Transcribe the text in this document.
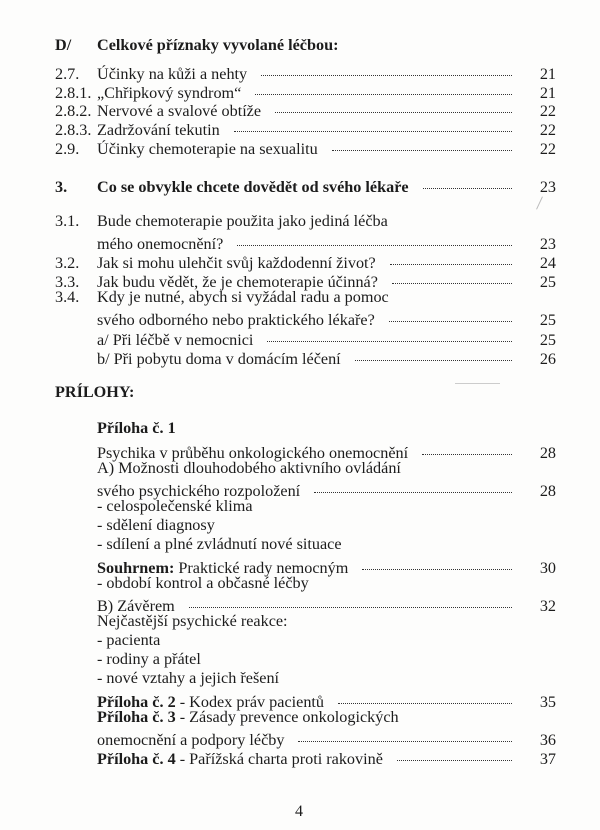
D/	Celkové příznaky vyvolané léčbou:
2.7.	Účinky na kůži a nehty	21
2.8.1. „Chřipkový syndrom“	21
2.8.2. Nervové a svalové obtíže	22
2.8.3. Zadržování tekutin	22
2.9.	Účinky chemoterapie na sexualitu	22
3.	Co se obvykle chcete dovědět od svého lékaře	23
3.1.	Bude chemoterapie použita jako jediná léčba
mého onemocnění?	23
3.2.	Jak si mohu ulehčit svůj každodenní život?	24
3.3.	Jak budu vědět, že je chemoterapie účinná?	25
3.4.	Kdy je nutné, abych si vyžádal radu a pomoc
svého odborného nebo praktického lékaře?	25
a/ Při léčbě v nemocnici	25
b/ Při pobytu doma v domácím léčení	26
Příloha č. 1
Psychika v průběhu onkologického onemocnění	28
A) Možnosti dlouhodobého aktivního ovládání
svého psychického rozpoložení	28
- celospolečenské klima
- sdělení diagnosy
- sdílení a plné zvládnutí nové situace
Souhrnem: Praktické rady nemocným	30
- období kontrol a občasné léčby
B) Závěrem	32
Nejčastější psychické reakce:
- pacienta
- rodiny a přátel
- nové vztahy a jejich řešení
Příloha č. 2 - Kodex práv pacientů	35
Příloha č. 3 - Zásady prevence onkologických
onemocnění a podpory léčby	36
Příloha č. 4 - Pařížská charta proti rakovině	37
PRÍLOHY:
4
